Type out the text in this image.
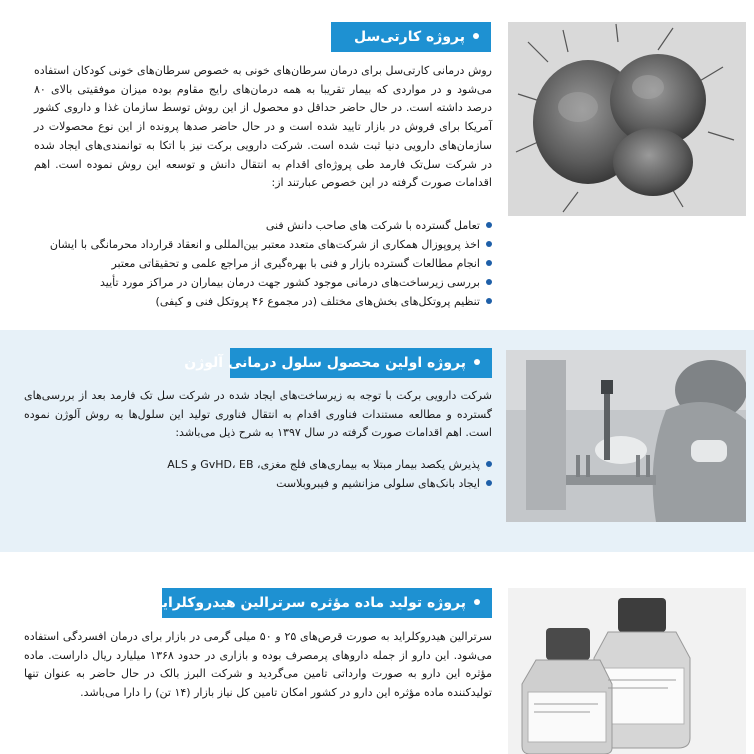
پروژه کارتی‌سل
روش درمانی کارتی‌سل برای درمان سرطان‌های خونی به خصوص سرطان‌های خونی کودکان استفاده می‌شود و در مواردی که بیمار تقریبا به همه درمان‌های رایج مقاوم بوده میزان موفقیتی بالای ۸۰ درصد داشته است. در حال حاضر حداقل دو محصول از این روش توسط سازمان غذا و داروی کشور آمریکا برای فروش در بازار تایید شده است و در حال حاضر صدها پرونده از این نوع محصولات در سازمان‌های دارویی دنیا ثبت شده است. شرکت دارویی برکت نیز با اتکا به توانمندی‌های ایجاد شده در شرکت سل‌تک فارمد طی پروژه‌ای اقدام به انتقال دانش و توسعه این روش نموده است. اهم اقدامات صورت گرفته در این خصوص عبارتند از:
تعامل گسترده با شرکت های صاحب دانش فنی
اخذ پروپوزال همکاری از شرکت‌های متعدد معتبر بین‌المللی و انعقاد قرارداد محرمانگی با ایشان
انجام مطالعات گسترده بازار و فنی با بهره‌گیری از مراجع علمی و تحقیقاتی معتبر
بررسی زیرساخت‌های درمانی موجود کشور جهت درمان بیماران در مراکز مورد تأیید
تنظیم پروتکل‌های بخش‌های مختلف (در مجموع ۴۶ پروتکل فنی و کیفی)
پروژه اولین محصول سلول درمانی آلوژن
شرکت دارویی برکت با توجه به زیرساخت‌های ایجاد شده در شرکت سل تک فارمد بعد از بررسی‌های گسترده و مطالعه مستندات فناوری اقدام به انتقال فناوری تولید این سلول‌ها به روش آلوژن نموده است. اهم اقدامات صورت گرفته در سال ۱۳۹۷ به شرح ذیل می‌باشد:
پذیرش یکصد بیمار مبتلا به بیماری‌های فلج مغزی، GvHD، EB و ALS
ایجاد بانک‌های سلولی مزانشیم و فیبروبلاست
پروژه تولید ماده مؤثره سرترالین هیدروکلراید
سرترالین هیدروکلراید به صورت قرص‌های ۲۵ و ۵۰ میلی گرمی در بازار برای درمان افسردگی استفاده می‌شود. این دارو از جمله داروهای پرمصرف بوده و بازاری در حدود ۱۳۶۸ میلیارد ریال داراست. ماده مؤثره این دارو به صورت وارداتی تامین می‌گردید و شرکت البرز بالک در حال حاضر به عنوان تنها تولیدکننده ماده مؤثره این دارو در کشور امکان تامین کل نیاز بازار (۱۴ تن) را دارا می‌باشد.
